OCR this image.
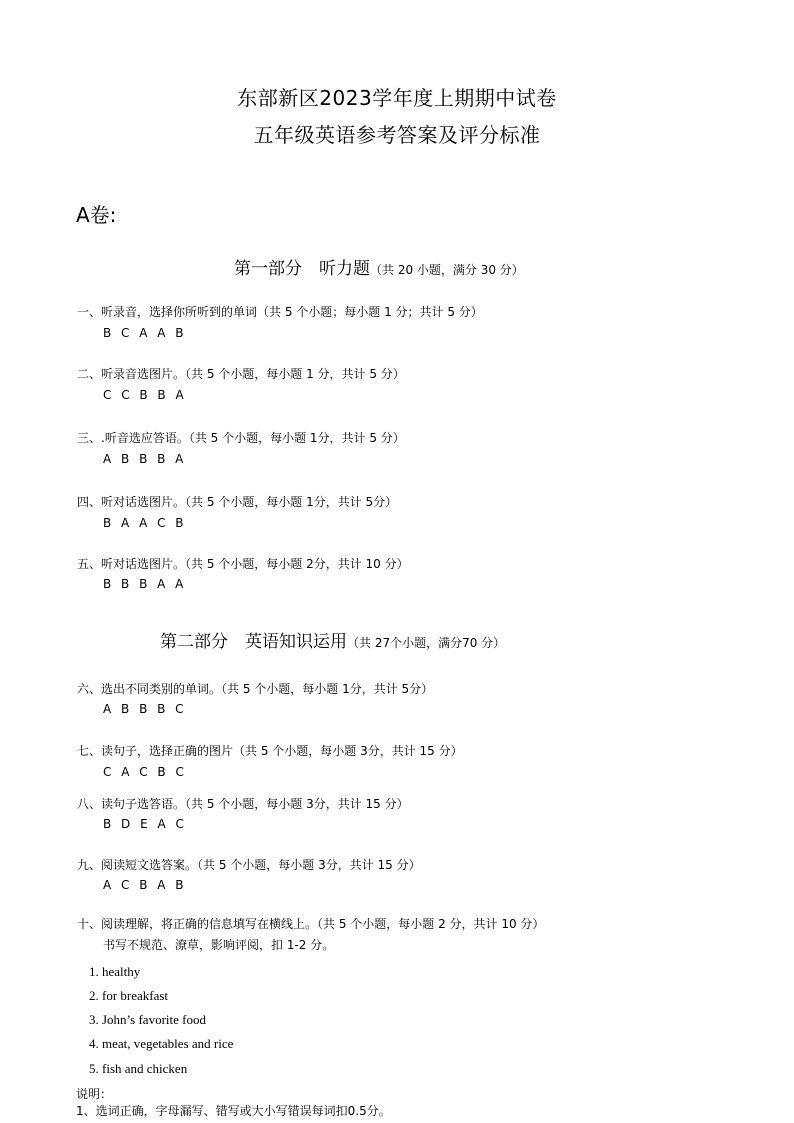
东部新区2023学年度上期期中试卷
五年级英语参考答案及评分标准
A卷:
第一部分　听力题（共 20 小题，满分 30 分）
一、听录音，选择你所听到的单词（共 5 个小题；每小题 1 分；共计 5 分）
B C A A B
二、听录音选图片。（共 5 个小题，每小题 1 分，共计 5 分）
C C B B A
三、.听音选应答语。（共 5 个小题，每小题 1分，共计 5 分）
A B B B A
四、听对话选图片。（共 5 个小题，每小题 1分，共计 5分）
B A A C B
五、听对话选图片。（共 5 个小题，每小题 2分，共计 10 分）
B B B A A
第二部分　英语知识运用（共 27个小题，满分70 分）
六、选出不同类别的单词。（共 5 个小题，每小题 1分，共计 5分）
A B B B C
七、读句子，选择正确的图片（共 5 个小题，每小题 3分，共计 15 分）
C A C B C
八、读句子选答语。（共 5 个小题，每小题 3分，共计 15 分）
B D E A C
九、阅读短文选答案。（共 5 个小题，每小题 3分，共计 15 分）
A C B A B
十、阅读理解，将正确的信息填写在横线上。（共 5 个小题，每小题 2 分，共计 10 分）
书写不规范、潦草，影响评阅，扣 1-2 分。
1. healthy
2. for breakfast
3. John’s favorite food
4. meat, vegetables and rice
5. fish and chicken
说明：
1、选词正确，字母漏写、错写或大小写错误每词扣0.5分。
